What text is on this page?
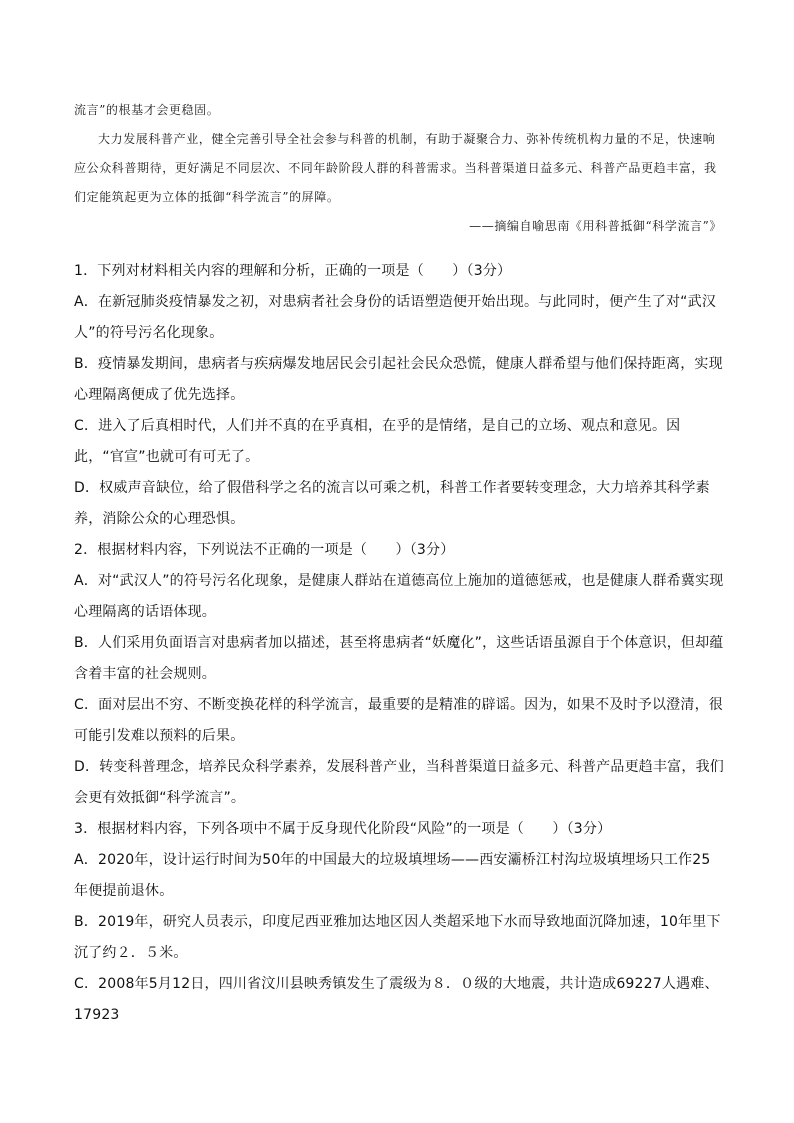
流言”的根基才会更稳固。

大力发展科普产业，健全完善引导全社会参与科普的机制，有助于凝聚合力、弥补传统机构力量的不足，快速响应公众科普期待，更好满足不同层次、不同年龄阶段人群的科普需求。当科普渠道日益多元、科普产品更趋丰富，我们定能筑起更为立体的抵御“科学流言”的屏障。

——摘编自喻思南《用科普抵御“科学流言”》

1．下列对材料相关内容的理解和分析，正确的一项是（　　）（3分）

A．在新冠肺炎疫情暴发之初，对患病者社会身份的话语塑造便开始出现。与此同时，便产生了对“武汉人”的符号污名化现象。

B．疫情暴发期间，患病者与疾病爆发地居民会引起社会民众恐慌，健康人群希望与他们保持距离，实现心理隔离便成了优先选择。

C．进入了后真相时代，人们并不真的在乎真相，在乎的是情绪，是自己的立场、观点和意见。因此，“官宣”也就可有可无了。

D．权威声音缺位，给了假借科学之名的流言以可乘之机，科普工作者要转变理念，大力培养其科学素养，消除公众的心理恐惧。

2．根据材料内容，下列说法不正确的一项是（　　）（3分）

A．对“武汉人”的符号污名化现象，是健康人群站在道德高位上施加的道德惩戒，也是健康人群希冀实现心理隔离的话语体现。

B．人们采用负面语言对患病者加以描述，甚至将患病者“妖魔化”，这些话语虽源自于个体意识，但却蕴含着丰富的社会规则。

C．面对层出不穷、不断变换花样的科学流言，最重要的是精准的辟谣。因为，如果不及时予以澄清，很可能引发难以预料的后果。

D．转变科普理念，培养民众科学素养，发展科普产业，当科普渠道日益多元、科普产品更趋丰富，我们会更有效抵御“科学流言”。

3．根据材料内容，下列各项中不属于反身现代化阶段“风险”的一项是（　　）（3分）

A．2020年，设计运行时间为50年的中国最大的垃圾填埋场——西安灞桥江村沟垃圾填埋场只工作25年便提前退休。

B．2019年，研究人员表示，印度尼西亚雅加达地区因人类超采地下水而导致地面沉降加速，10年里下沉了约２．５米。

C．2008年5月12日，四川省汶川县映秀镇发生了震级为８．０级的大地震，共计造成69227人遇难、17923
